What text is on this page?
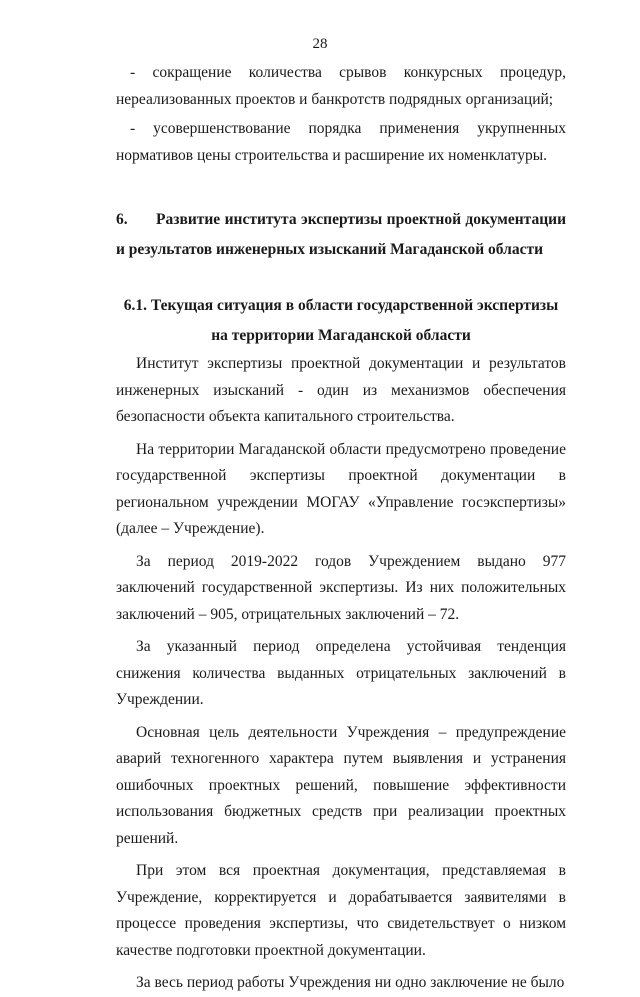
28

- сокращение количества срывов конкурсных процедур, нереализованных проектов и банкротств подрядных организаций;

- усовершенствование порядка применения укрупненных нормативов цены строительства и расширение их номенклатуры.

6. Развитие института экспертизы проектной документации и результатов инженерных изысканий Магаданской области
6.1. Текущая ситуация в области государственной экспертизы на территории Магаданской области

Институт экспертизы проектной документации и результатов инженерных изысканий - один из механизмов обеспечения безопасности объекта капитального строительства.

На территории Магаданской области предусмотрено проведение государственной экспертизы проектной документации в региональном учреждении МОГАУ «Управление госэкспертизы» (далее – Учреждение).

За период 2019-2022 годов Учреждением выдано 977 заключений государственной экспертизы. Из них положительных заключений – 905, отрицательных заключений – 72.

За указанный период определена устойчивая тенденция снижения количества выданных отрицательных заключений в Учреждении.

Основная цель деятельности Учреждения – предупреждение аварий техногенного характера путем выявления и устранения ошибочных проектных решений, повышение эффективности использования бюджетных средств при реализации проектных решений.

При этом вся проектная документация, представляемая в Учреждение, корректируется и дорабатывается заявителями в процессе проведения экспертизы, что свидетельствует о низком качестве подготовки проектной документации.

За весь период работы Учреждения ни одно заключение не было
